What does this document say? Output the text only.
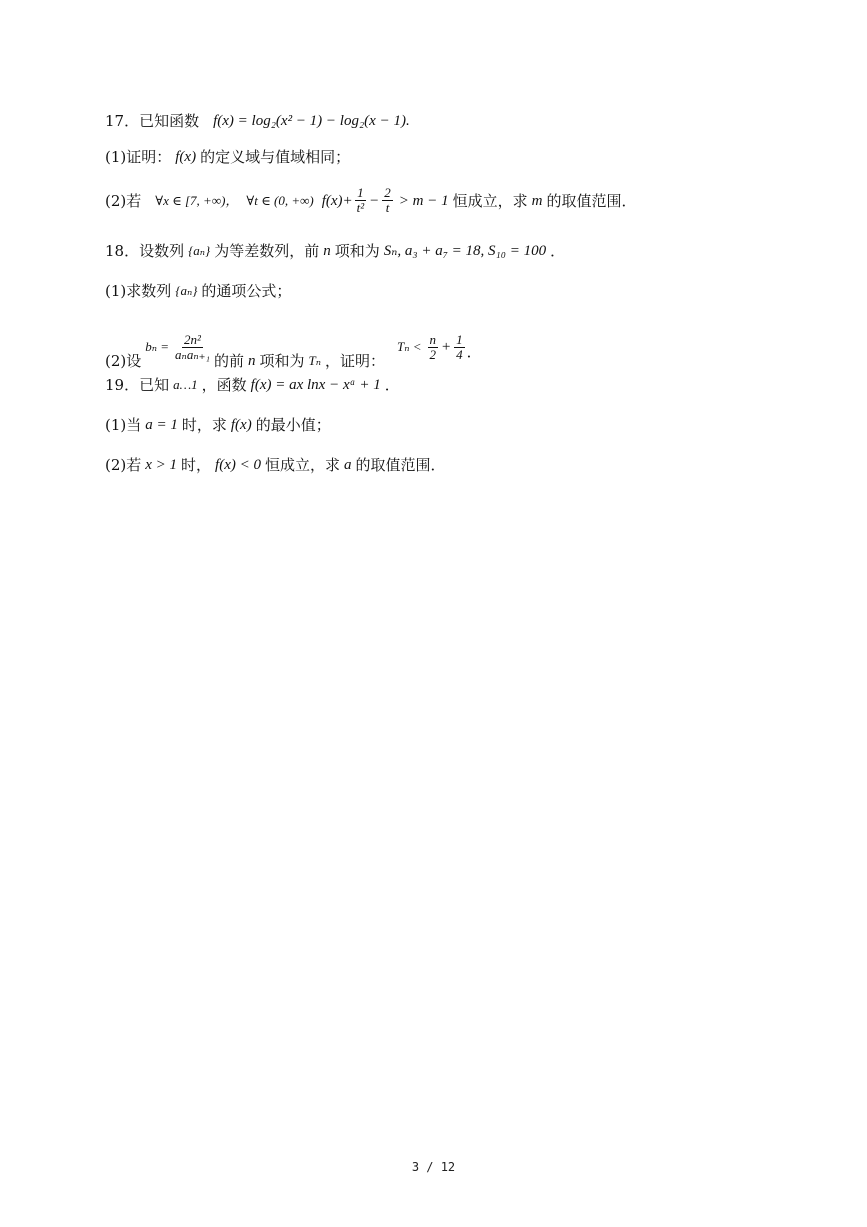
17．已知函数 f(x) = log₂(x² − 1) − log₂(x − 1).
(1)证明： f(x) 的定义域与值域相同；
(2)若 ∀x ∈ [7, +∞)， ∀t ∈ (0, +∞) $f(x)+ \frac{1}{\text{t²}} - \frac{2}{t} > m - 1$ 恒成立，求 m 的取值范围．
18．设数列 {aₙ} 为等差数列，前 n 项和为 Sₙ, a₃ + a₇ = 18, S₁₀ = 100 ．
(1)求数列 {aₙ} 的通项公式；
(2)设
$b_n = \frac{\text{2n²}}{\text{aₙaₙ₊₁}}$ 的前 n 项和为 Tₙ ，证明：
$T_n < \frac{n}{2} + \frac{1}{4}$ ．
19．已知 a…1 ，函数 f(x) = ax lnx − xᵃ + 1 ．
(1)当 a = 1 时，求 f(x) 的最小值；
(2)若 x > 1 时， f(x) < 0 恒成立，求 a 的取值范围．
3 / 12
